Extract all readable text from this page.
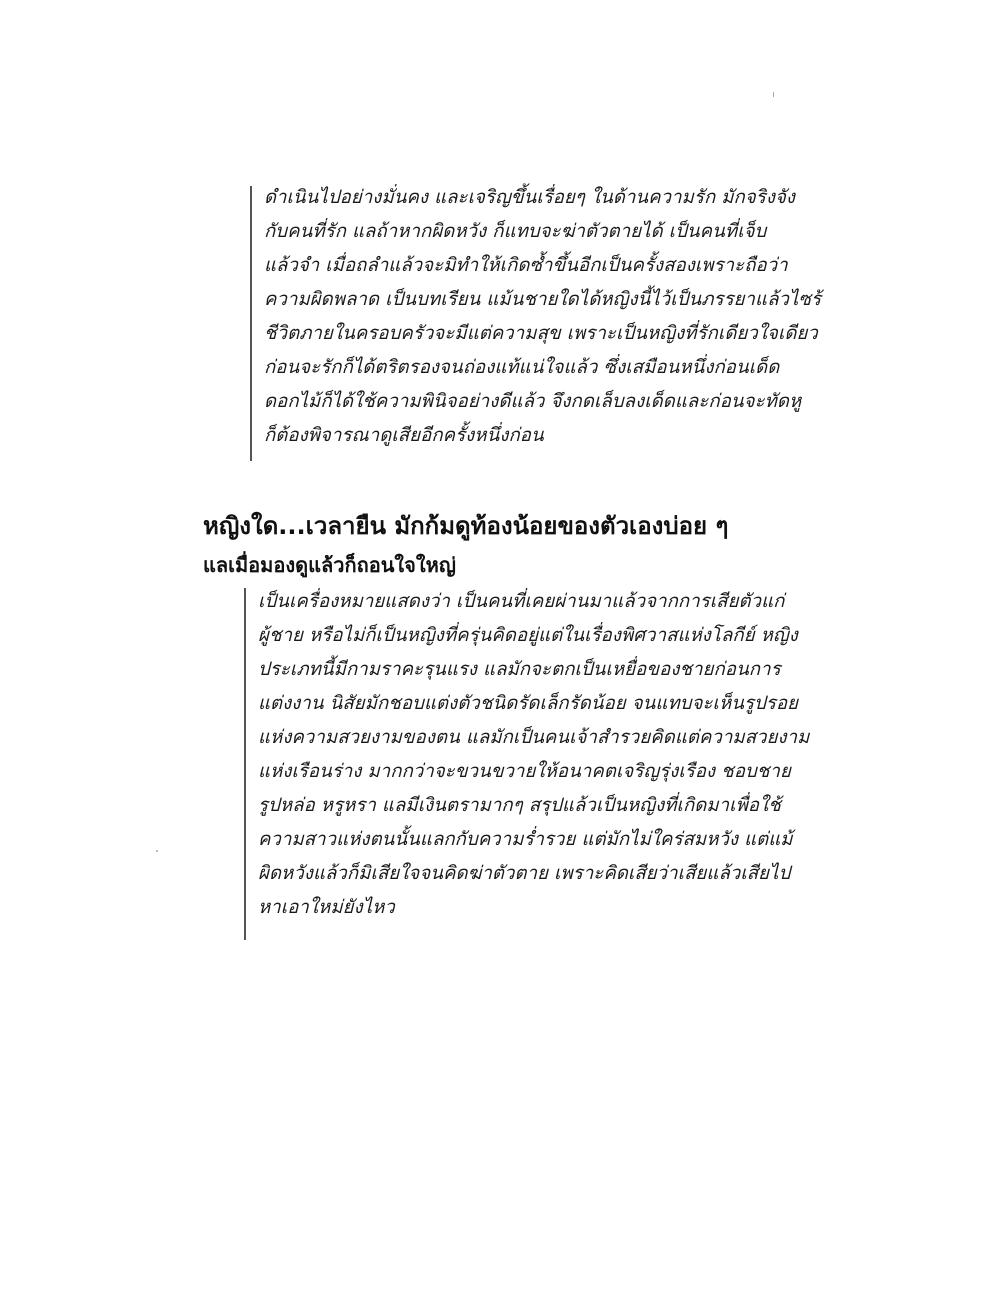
ดำเนินไปอย่างมั่นคง และเจริญขึ้นเรื่อยๆ ในด้านความรัก มักจริงจัง
กับคนที่รัก แลถ้าหากผิดหวัง ก็แทบจะฆ่าตัวตายได้ เป็นคนที่เจ็บ
แล้วจำ เมื่อถลำแล้วจะมิทำให้เกิดซ้ำขึ้นอีกเป็นครั้งสองเพราะถือว่า
ความผิดพลาด เป็นบทเรียน แม้นชายใดได้หญิงนี้ไว้เป็นภรรยาแล้วไซร้
ชีวิตภายในครอบครัวจะมีแต่ความสุข เพราะเป็นหญิงที่รักเดียวใจเดียว
ก่อนจะรักก็ได้ตริตรองจนถ่องแท้แน่ใจแล้ว ซึ่งเสมือนหนึ่งก่อนเด็ด
ดอกไม้ก็ได้ใช้ความพินิจอย่างดีแล้ว จึงกดเล็บลงเด็ดและก่อนจะทัดหู
ก็ต้องพิจารณาดูเสียอีกครั้งหนึ่งก่อน
หญิงใด...เวลายืน มักก้มดูท้องน้อยของตัวเองบ่อย ๆ
แลเมื่อมองดูแล้วก็ถอนใจใหญ่
เป็นเครื่องหมายแสดงว่า เป็นคนที่เคยผ่านมาแล้วจากการเสียตัวแก่
ผู้ชาย หรือไม่ก็เป็นหญิงที่ครุ่นคิดอยู่แต่ในเรื่องพิศวาสแห่งโลกีย์ หญิง
ประเภทนี้มีกามราคะรุนแรง แลมักจะตกเป็นเหยื่อของชายก่อนการ
แต่งงาน นิสัยมักชอบแต่งตัวชนิดรัดเล็กรัดน้อย จนแทบจะเห็นรูปรอย
แห่งความสวยงามของตน แลมักเป็นคนเจ้าสำรวยคิดแต่ความสวยงาม
แห่งเรือนร่าง มากกว่าจะขวนขวายให้อนาคตเจริญรุ่งเรือง ชอบชาย
รูปหล่อ หรูหรา แลมีเงินตรามากๆ สรุปแล้วเป็นหญิงที่เกิดมาเพื่อใช้
ความสาวแห่งตนนั้นแลกกับความร่ำรวย แต่มักไม่ใคร่สมหวัง แต่แม้
ผิดหวังแล้วก็มิเสียใจจนคิดฆ่าตัวตาย เพราะคิดเสียว่าเสียแล้วเสียไป
หาเอาใหม่ยังไหว
